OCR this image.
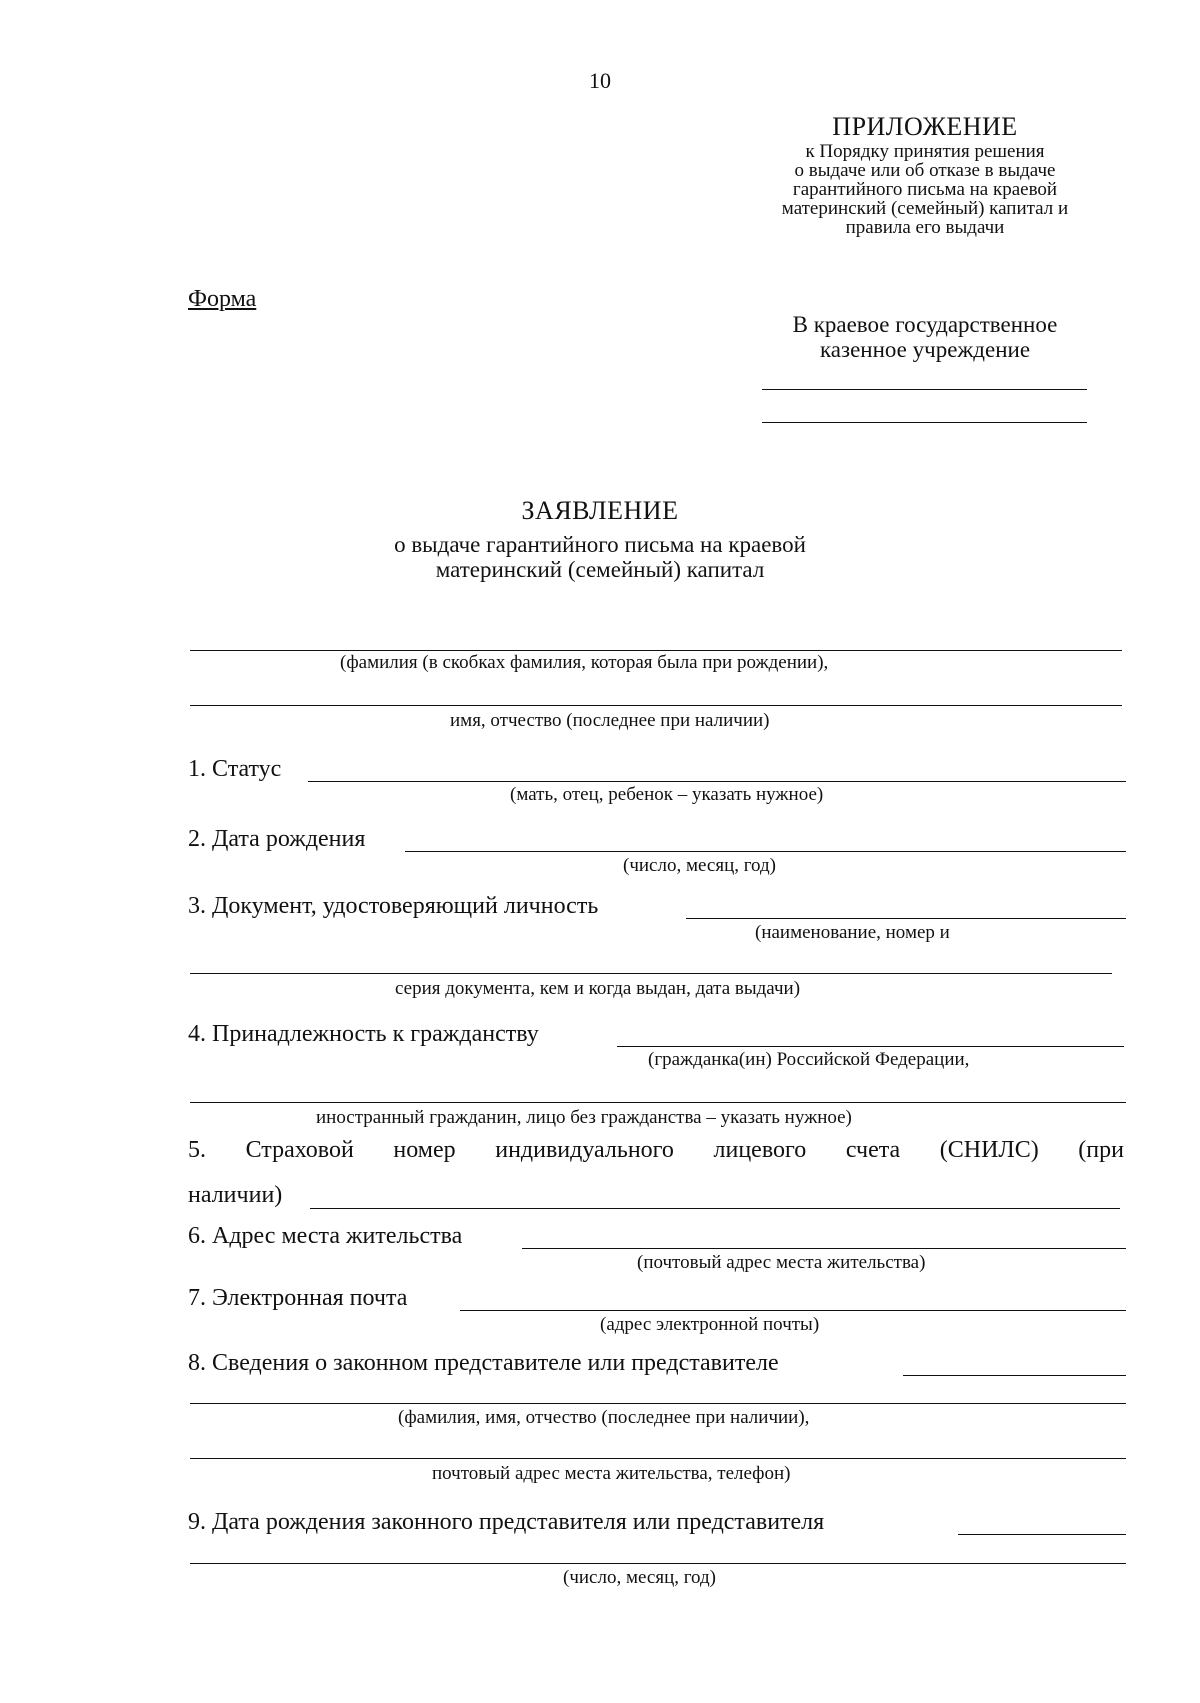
10
ПРИЛОЖЕНИЕ
к Порядку принятия решения
о выдаче или об отказе в выдаче
гарантийного письма на краевой
материнский (семейный) капитал и
правила его выдачи
Форма
В краевое государственное
казенное учреждение
ЗАЯВЛЕНИЕ
о выдаче гарантийного письма на краевой
материнский (семейный) капитал
(фамилия (в скобках фамилия, которая была при рождении),
имя, отчество (последнее при наличии)
1. Статус
(мать, отец, ребенок – указать нужное)
2. Дата рождения
(число, месяц, год)
3. Документ, удостоверяющий личность
(наименование, номер и
серия документа, кем и когда выдан, дата выдачи)
4. Принадлежность к гражданству
(гражданка(ин) Российской Федерации,
иностранный гражданин, лицо без гражданства – указать нужное)
5. Страховой номер индивидуального лицевого счета (СНИЛС) (при
наличии)
6. Адрес места жительства
(почтовый адрес места жительства)
7. Электронная почта
(адрес электронной почты)
8. Сведения о законном представителе или представителе
(фамилия, имя, отчество (последнее при наличии),
почтовый адрес места жительства, телефон)
9. Дата рождения законного представителя или представителя
(число, месяц, год)
